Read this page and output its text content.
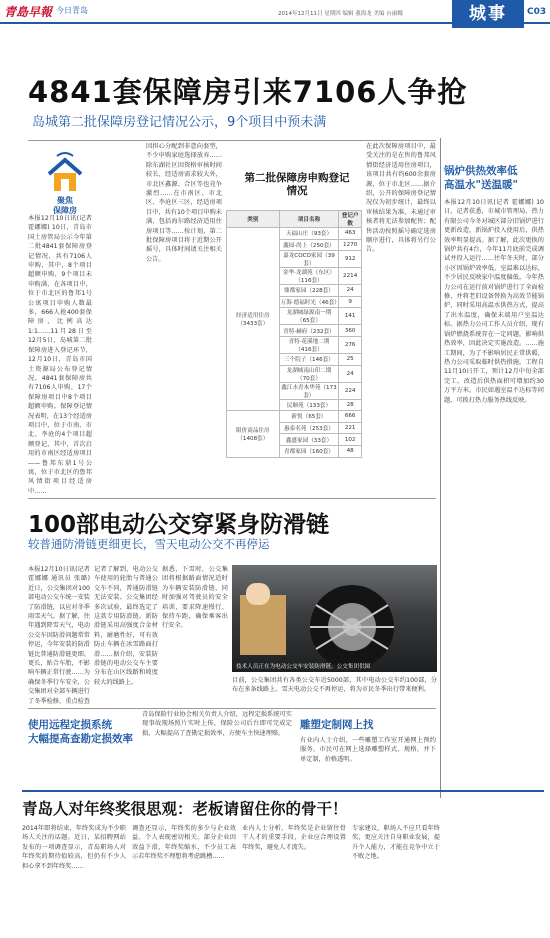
青島早報 今日青岛	2014年12月11日 星期四 编辑 董海龙 美编 台丽娜	城事	C03
4841套保障房引来7106人争抢
岛城第二批保障房登记情况公示，9个项目中预未满
聚焦
保障房
本报12月10日讯(记者 霍娜娜) 10日，青岛市国土房管局公示今年第二批4841套保障房登记情况，共有7106人申购，其中，8个项目超额申购，9个项目未申购满，在各项目中，位于市北区的鲁邦1号公寓项目申购人数最多，666人抢400套保障房，比例高达1:1……11月28日至12月5日，岛城第二批保障房进入登记环节，12月10日，青岛市国土资源局公布登记情况，4841套保障房共有7106人申购，17个保障房项目中8个项目超额申购。保障登记情况表明，在13个经适房项目中，位于市南、市北、李沧的4个项目超额登记，其中，首次启用的市南区经适房项目——鲁邦东鼎1号公寓，位于市北区的鲁邦风情街项目经适房中……
因担心分配到非意向套型，不少申购家庭选择放弃……除东湖社区因资格审核时间较长，经适房需求较大外，市北区鑫源、合区等也竟争激烈……在市南区、市北区、李沧区三区，经适房项目中，共有10个项目申购未满，包括海尔路经济适用住房项目等……按计划，第二批保障房项目将于近期公开摇号，具体时间请关注相关公告。
在此次保障房项目中，最受关注的是在售的鲁邦风情街经济适用住房项目，该项目共有约600余套房源，位于市北区……据介绍，公开的保障房登记情况仅为初步统计，最终以审核结果为准，未通过审核者将无法参加配售；配售活动按照摇号确定选房顺序进行，具体将另行公告。
第二批保障房申购登记情况
类别	项目名称	登记户数
经济适用住房（3433套）	天福山庄（93套）	463
	鑫园·尚上（250套）	1270
	嘉龙COCO家园（39套）	912
	金华·龙湖苑（东区）（116套）	2214
	鼎都家园（228套）	24
	万海·德福时光（46套）	9
	龙湖城绿源南一期（65套）	141
	青特·赫府（232套）	360
	青特·花溪地二期（416套）	276
	三个院子（146套）	25
	龙湖城南山印二期（70套）	24
	鑫江水青木华苑（173套）	224
	民顺苑（133套）	28
限价商品住房（1408套）	新悦（65套）	666
	惠泰名苑（253套）	221
	鑫盛家园（33套）	102
	青都家园（160套）	48
锅炉供热效率低
高温水"送温暖"
本报12月10日讯(记者 霍娜娜) 10日，记者获悉，市城市管理局、热力有限公司今冬对城区部分旧锅炉进行更新改造，新锅炉投入使用后，供热效率明显提高。据了解，此次更换的锅炉共有4台，今年11月底前完成调试并投入运行……往年冬天时，部分小区因锅炉效率低，室温难以达标，不少居民反映家中温度偏低。今年热力公司在运行前对锅炉进行了全面检修，并将老旧设备替换为高效节能锅炉，同时采用高温水供热方式，提高了出水温度，确保末端用户室温达标。据热力公司工作人员介绍，现有锅炉燃烧系统存在一定问题，影响供热效率，因此决定实施改造。……施工期间，为了不影响居民正常供暖，热力公司采取临时供热措施。工程自11月10日开工，预计12月中旬全部完工，改造后供热面积可增加约30万平方米。市民如遇室温不达标等问题，可拨打热力服务热线反映。
100部电动公交穿紧身防滑链
较普通防滑链更细更长，雪天电动公交不再停运
本报12月10日讯(记者 霍娜娜 通讯员 张璐) 近日，公交集团对100部电动公交车统一安装了防滑链，以应对冬季雨雪天气。据了解，往年遇到降雪天气，电动公交车因防滑问题常常停运，今年安装的防滑链比普通防滑链更细、更长，贴合车胎，不影响车辆正常行驶……为确保冬季行车安全，公交集团对全部车辆进行了冬季检修，重点检查
记者了解到，电动公交车使用的轮胎与普通公交车不同，普通防滑链无法安装。公交集团经多次试验，最终选定了这款专用防滑链。新防滑链采用高强度合金材料，耐磨性好，可有效防止车辆在冰雪路面打滑……据介绍，安装防滑链的电动公交车主要分布在山区线路和坡度较大的线路上。
据悉，下雪时，公交集团将根据路面情况适时为车辆安装防滑链，同时加强对驾驶员的安全培训，要求降速慢行、保持车距，确保乘客出行安全。
技术人员正在为电动公交车安装防滑链。公交集团供图
目前，公交集团共有各类公交车近5000部，其中电动公交车约100部，分布在多条线路上。雪天电动公交不再停运，将为市民冬季出行带来便利。
使用远程定损系统
大幅提高查勘定损效率
青岛保险行业协会相关负责人介绍，远程定损系统可实现事故现场照片实时上传，保险公司后台即可完成定损，大幅提高了查勘定损效率，方便车主快速理赔。
雕塑定制网上找
有业内人士介绍，一些雕塑工作室开通网上预约服务，市民可在网上选择雕塑样式、规格，并下单定制，价格透明。
青岛人对年终奖很思观：老板请留住你的骨干！
2014年即将结束，年终奖成为不少职场人关注的话题。近日，某招聘网站发布的一项调查显示，青岛职场人对年终奖的期待值较高，但仍有不少人担心拿不到年终奖……
调查还显示，年终奖的多少与企业效益、个人表现密切相关。部分企业因效益下滑，年终奖缩水，不少员工表示若年终奖不理想将考虑跳槽……
业内人士分析，年终奖是企业留住骨干人才的重要手段，企业应合理设置年终奖，避免人才流失。
专家建议，职场人不应只看年终奖，更应关注自身职业发展，提升个人能力，才能在竞争中立于不败之地。
